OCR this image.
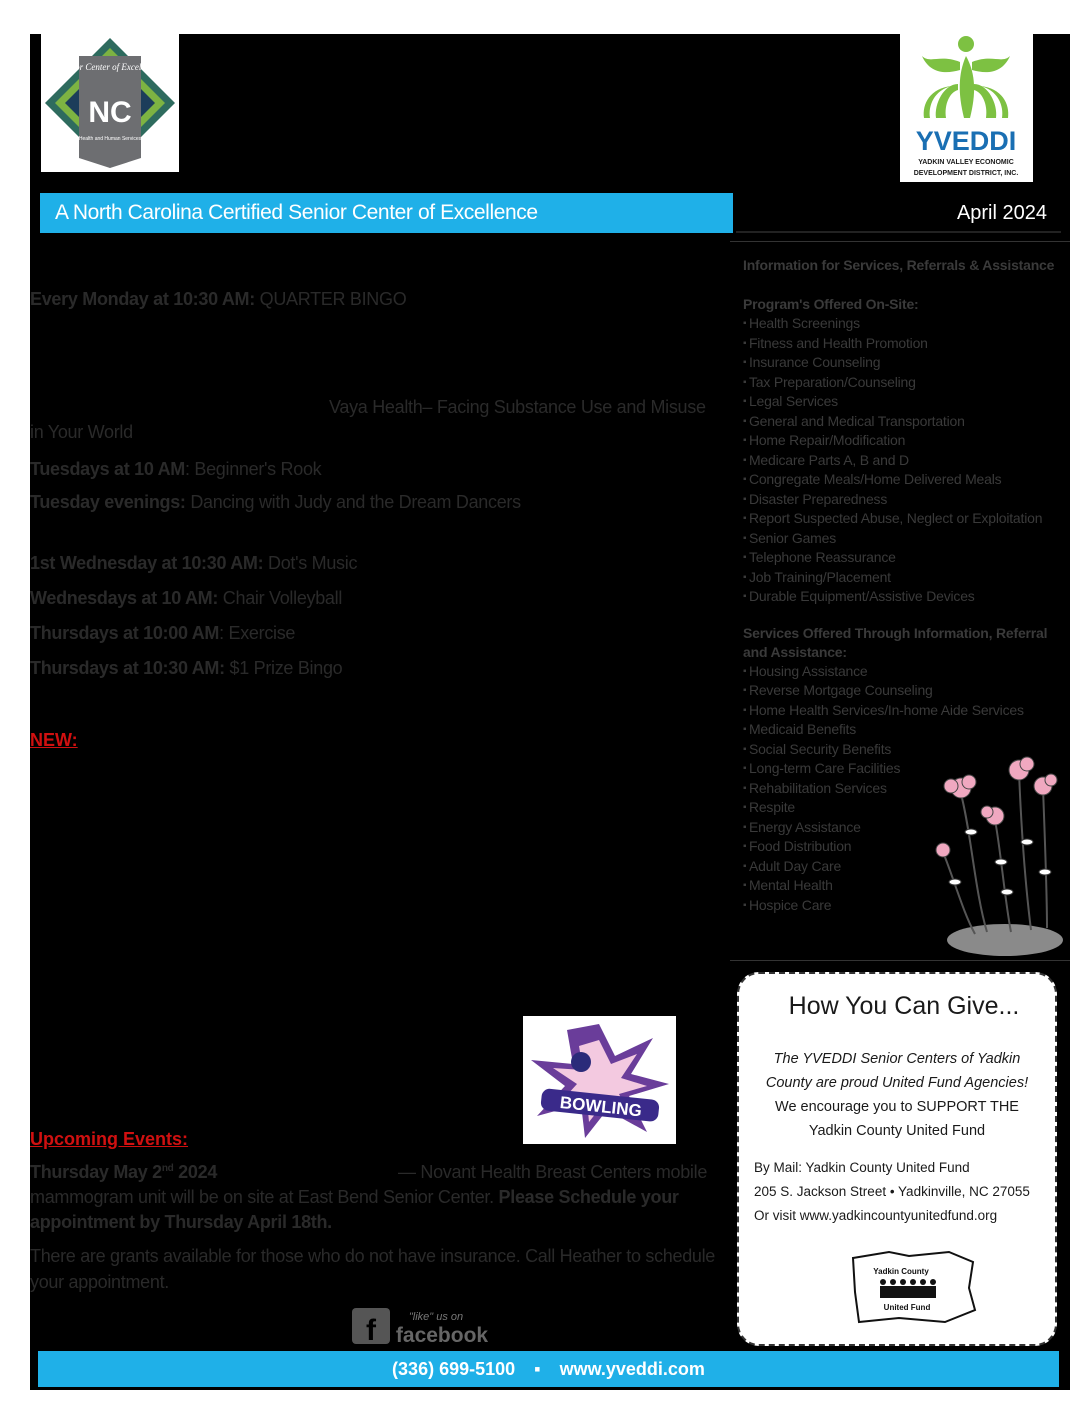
Senior Center of Excellence
NC
Health and Human Services	YVEDDI
YADKIN VALLEY ECONOMIC
DEVELOPMENT DISTRICT, INC.
A North Carolina Certified Senior Center of Excellence	April 2024
Every Monday at 10:30 AM: QUARTER BINGO
Vaya Health– Facing Substance Use and Misuse
in Your World
Tuesdays at 10 AM: Beginner's Rook
Tuesday evenings: Dancing with Judy and the Dream Dancers
1st Wednesday at 10:30 AM: Dot's Music
Wednesdays at 10 AM: Chair Volleyball
Thursdays at 10:00 AM: Exercise
Thursdays at 10:30 AM: $1 Prize Bingo
NEW:
BOWLING
Upcoming Events:
Thursday May 2nd 2024	— Novant Health Breast Centers mobile
mammogram unit will be on site at East Bend Senior Center. Please Schedule your
appointment by Thursday April 18th.
There are grants available for those who do not have insurance. Call Heather to schedule
your appointment.
f	"like" us on
facebook
Information for Services, Referrals & Assistance
Program's Offered On-Site:
▪ Health Screenings
▪ Fitness and Health Promotion
▪ Insurance Counseling
▪ Tax Preparation/Counseling
▪ Legal Services
▪ General and Medical Transportation
▪ Home Repair/Modification
▪ Medicare Parts A, B and D
▪ Congregate Meals/Home Delivered Meals
▪ Disaster Preparedness
▪ Report Suspected Abuse, Neglect or Exploitation
▪ Senior Games
▪ Telephone Reassurance
▪ Job Training/Placement
▪ Durable Equipment/Assistive Devices
Services Offered Through Information, Referral and Assistance:
▪ Housing Assistance
▪ Reverse Mortgage Counseling
▪ Home Health Services/In-home Aide Services
▪ Medicaid Benefits
▪ Social Security Benefits
▪ Long-term Care Facilities
▪ Rehabilitation Services
▪ Respite
▪ Energy Assistance
▪ Food Distribution
▪ Adult Day Care
▪ Mental Health
▪ Hospice Care
How You Can Give...
The YVEDDI Senior Centers of Yadkin
County are proud United Fund Agencies!
We encourage you to SUPPORT THE
Yadkin County United Fund
By Mail: Yadkin County United Fund
205 S. Jackson Street • Yadkinville, NC 27055
Or visit www.yadkincountyunitedfund.org
Yadkin County
United Fund
(336) 699-5100 ▪ www.yveddi.com
